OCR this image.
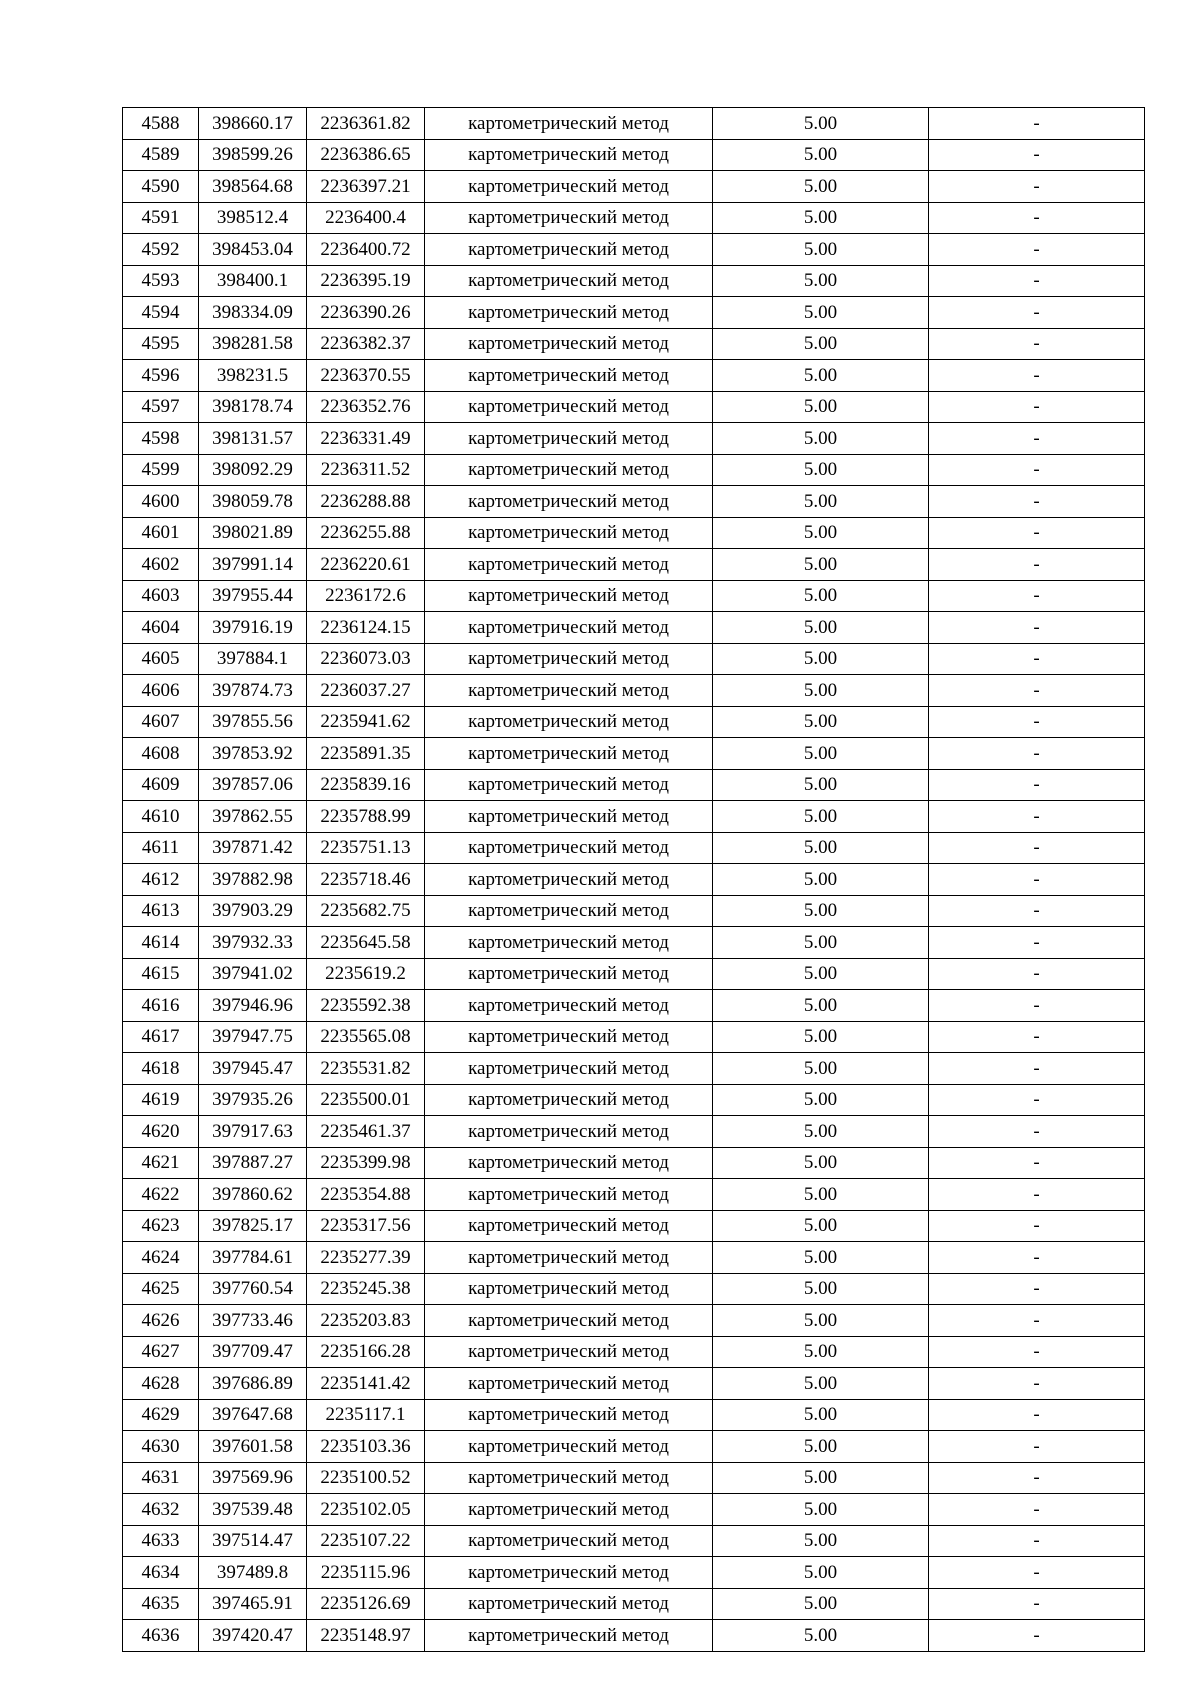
4588	398660.17	2236361.82	картометрический метод	5.00	-
4589	398599.26	2236386.65	картометрический метод	5.00	-
4590	398564.68	2236397.21	картометрический метод	5.00	-
4591	398512.4	2236400.4	картометрический метод	5.00	-
4592	398453.04	2236400.72	картометрический метод	5.00	-
4593	398400.1	2236395.19	картометрический метод	5.00	-
4594	398334.09	2236390.26	картометрический метод	5.00	-
4595	398281.58	2236382.37	картометрический метод	5.00	-
4596	398231.5	2236370.55	картометрический метод	5.00	-
4597	398178.74	2236352.76	картометрический метод	5.00	-
4598	398131.57	2236331.49	картометрический метод	5.00	-
4599	398092.29	2236311.52	картометрический метод	5.00	-
4600	398059.78	2236288.88	картометрический метод	5.00	-
4601	398021.89	2236255.88	картометрический метод	5.00	-
4602	397991.14	2236220.61	картометрический метод	5.00	-
4603	397955.44	2236172.6	картометрический метод	5.00	-
4604	397916.19	2236124.15	картометрический метод	5.00	-
4605	397884.1	2236073.03	картометрический метод	5.00	-
4606	397874.73	2236037.27	картометрический метод	5.00	-
4607	397855.56	2235941.62	картометрический метод	5.00	-
4608	397853.92	2235891.35	картометрический метод	5.00	-
4609	397857.06	2235839.16	картометрический метод	5.00	-
4610	397862.55	2235788.99	картометрический метод	5.00	-
4611	397871.42	2235751.13	картометрический метод	5.00	-
4612	397882.98	2235718.46	картометрический метод	5.00	-
4613	397903.29	2235682.75	картометрический метод	5.00	-
4614	397932.33	2235645.58	картометрический метод	5.00	-
4615	397941.02	2235619.2	картометрический метод	5.00	-
4616	397946.96	2235592.38	картометрический метод	5.00	-
4617	397947.75	2235565.08	картометрический метод	5.00	-
4618	397945.47	2235531.82	картометрический метод	5.00	-
4619	397935.26	2235500.01	картометрический метод	5.00	-
4620	397917.63	2235461.37	картометрический метод	5.00	-
4621	397887.27	2235399.98	картометрический метод	5.00	-
4622	397860.62	2235354.88	картометрический метод	5.00	-
4623	397825.17	2235317.56	картометрический метод	5.00	-
4624	397784.61	2235277.39	картометрический метод	5.00	-
4625	397760.54	2235245.38	картометрический метод	5.00	-
4626	397733.46	2235203.83	картометрический метод	5.00	-
4627	397709.47	2235166.28	картометрический метод	5.00	-
4628	397686.89	2235141.42	картометрический метод	5.00	-
4629	397647.68	2235117.1	картометрический метод	5.00	-
4630	397601.58	2235103.36	картометрический метод	5.00	-
4631	397569.96	2235100.52	картометрический метод	5.00	-
4632	397539.48	2235102.05	картометрический метод	5.00	-
4633	397514.47	2235107.22	картометрический метод	5.00	-
4634	397489.8	2235115.96	картометрический метод	5.00	-
4635	397465.91	2235126.69	картометрический метод	5.00	-
4636	397420.47	2235148.97	картометрический метод	5.00	-
